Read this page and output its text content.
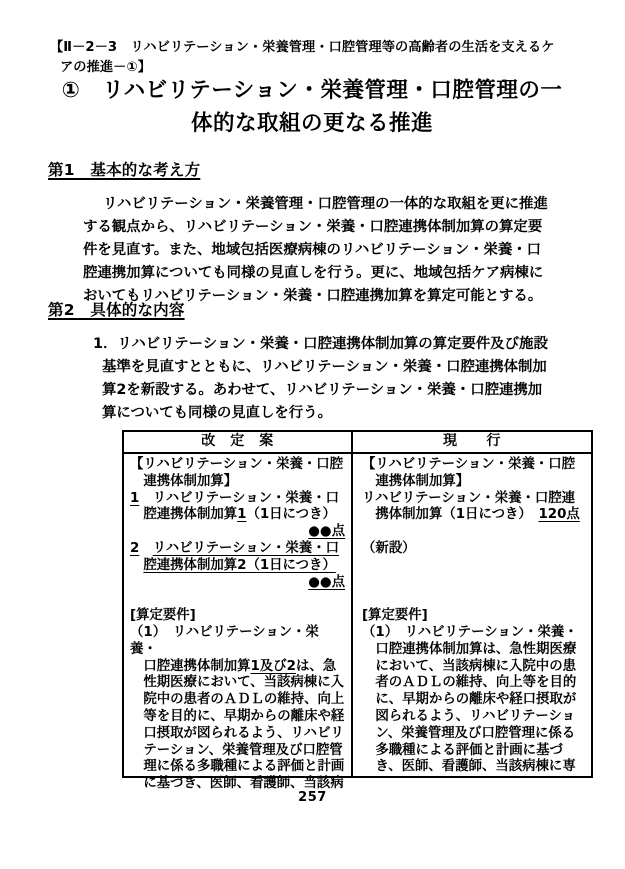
【Ⅱ－2－3　リハビリテーション・栄養管理・口腔管理等の高齢者の生活を支えるケ
アの推進－①】
①　リハビリテーション・栄養管理・口腔管理の一
体的な取組の更なる推進
第1　基本的な考え方
リハビリテーション・栄養管理・口腔管理の一体的な取組を更に推進
する観点から、リハビリテーション・栄養・口腔連携体制加算の算定要
件を見直す。また、地域包括医療病棟のリハビリテーション・栄養・口
腔連携加算についても同様の見直しを行う。更に、地域包括ケア病棟に
おいてもリハビリテーション・栄養・口腔連携加算を算定可能とする。
第2　具体的な内容
1．リハビリテーション・栄養・口腔連携体制加算の算定要件及び施設
基準を見直すとともに、リハビリテーション・栄養・口腔連携体制加
算2を新設する。あわせて、リハビリテーション・栄養・口腔連携加
算についても同様の見直しを行う。
改　定　案	現　　行
【リハビリテーション・栄養・口腔
　連携体制加算】
1　リハビリテーション・栄養・口
　腔連携体制加算1（1日につき）
●●点
2　 リハビリテーション・栄養・口
　腔連携体制加算2（1日につき）
●●点

[算定要件]
（1）　リハビリテーション・栄養・
　口腔連携体制加算1及び2は、急
　性期医療において、当該病棟に入
　院中の患者のＡＤＬの維持、向上
　等を目的に、早期からの離床や経
　口摂取が図られるよう、リハビリ
　テーション、栄養管理及び口腔管
　理に係る多職種による評価と計画
　に基づき、医師、看護師、当該病
【リハビリテーション・栄養・口腔
　連携体制加算】
リハビリテーション・栄養・口腔連
　携体制加算（1日につき）　120点

（新設）

[算定要件]
（1）　リハビリテーション・栄養・
　口腔連携体制加算は、急性期医療
　において、当該病棟に入院中の患
　者のＡＤＬの維持、向上等を目的
　に、早期からの離床や経口摂取が
　図られるよう、リハビリテーショ
　ン、栄養管理及び口腔管理に係る
　多職種による評価と計画に基づ
　き、医師、看護師、当該病棟に専
257
